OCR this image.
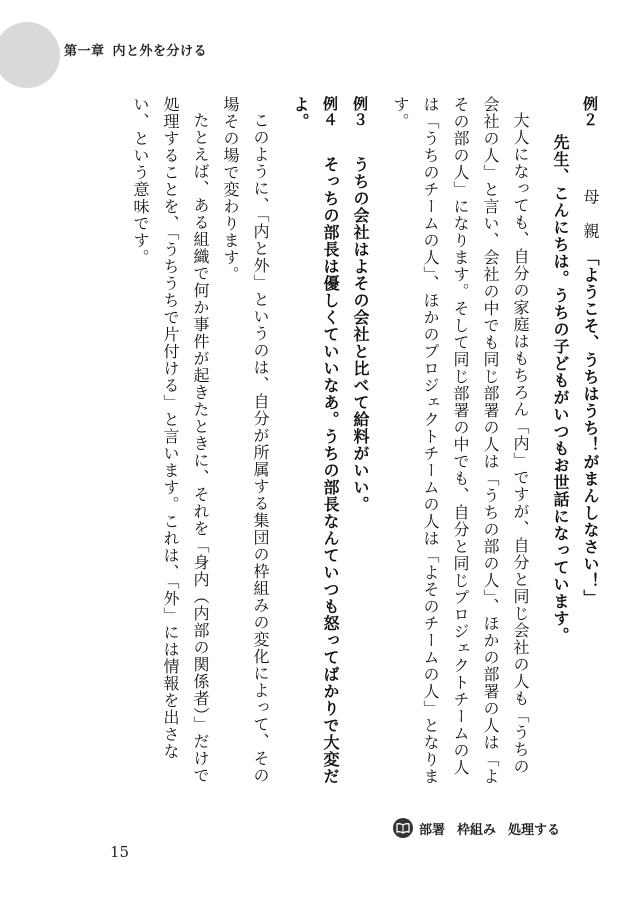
第一章 内と外を分ける
例２  母　親「ようこそ、うちはうち！がまんしなさい！」
先生、こんにちは。うちの子どもがいつもお世話になっています。

大人になっても、自分の家庭はもちろん「内」ですが、自分と同じ会社の人も「うちの会社の人」と言い、会社の中でも同じ部署の人は「うちの部の人」、ほかの部署の人は「よその部の人」になります。そして同じ部署の中でも、自分と同じプロジェクトチームの人は「うちのチームの人」、ほかのプロジェクトチームの人は「よそのチームの人」となります。

例３ うちの会社はよその会社と比べて給料がいい。
例４ そっちの部長は優しくていいなあ。うちの部長なんていつも怒ってばかりで大変だよ。

このように、「内と外」というのは、自分が所属する集団の枠組みの変化によって、その場その場で変わります。

たとえば、ある組織で何か事件が起きたときに、それを「身内（内部の関係者）」だけで処理することを、「うちうちで片付ける」と言います。これは、「外」には情報を出さない、という意味です。

部署 枠組み 処理する
15
